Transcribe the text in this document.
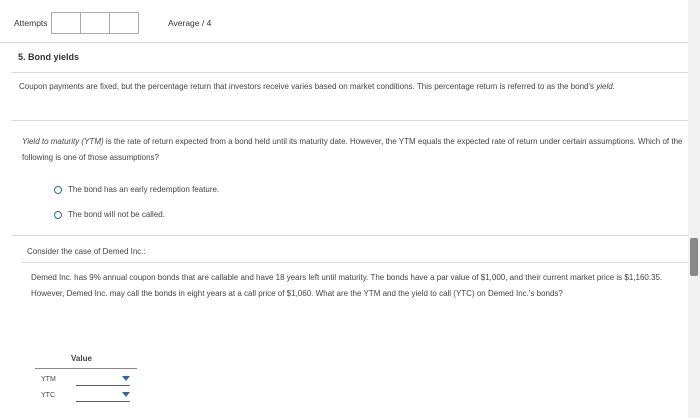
Attempts	Average / 4
5. Bond yields
Coupon payments are fixed, but the percentage return that investors receive varies based on market conditions. This percentage return is referred to as the bond's yield.
Yield to maturity (YTM) is the rate of return expected from a bond held until its maturity date. However, the YTM equals the expected rate of return under certain assumptions. Which of the following is one of those assumptions?
The bond has an early redemption feature.
The bond will not be called.
Consider the case of Demed Inc.:
Demed Inc. has 9% annual coupon bonds that are callable and have 18 years left until maturity. The bonds have a par value of $1,000, and their current market price is $1,160.35. However, Demed Inc. may call the bonds in eight years at a call price of $1,060. What are the YTM and the yield to call (YTC) on Demed Inc.'s bonds?
Value
YTM
YTC
